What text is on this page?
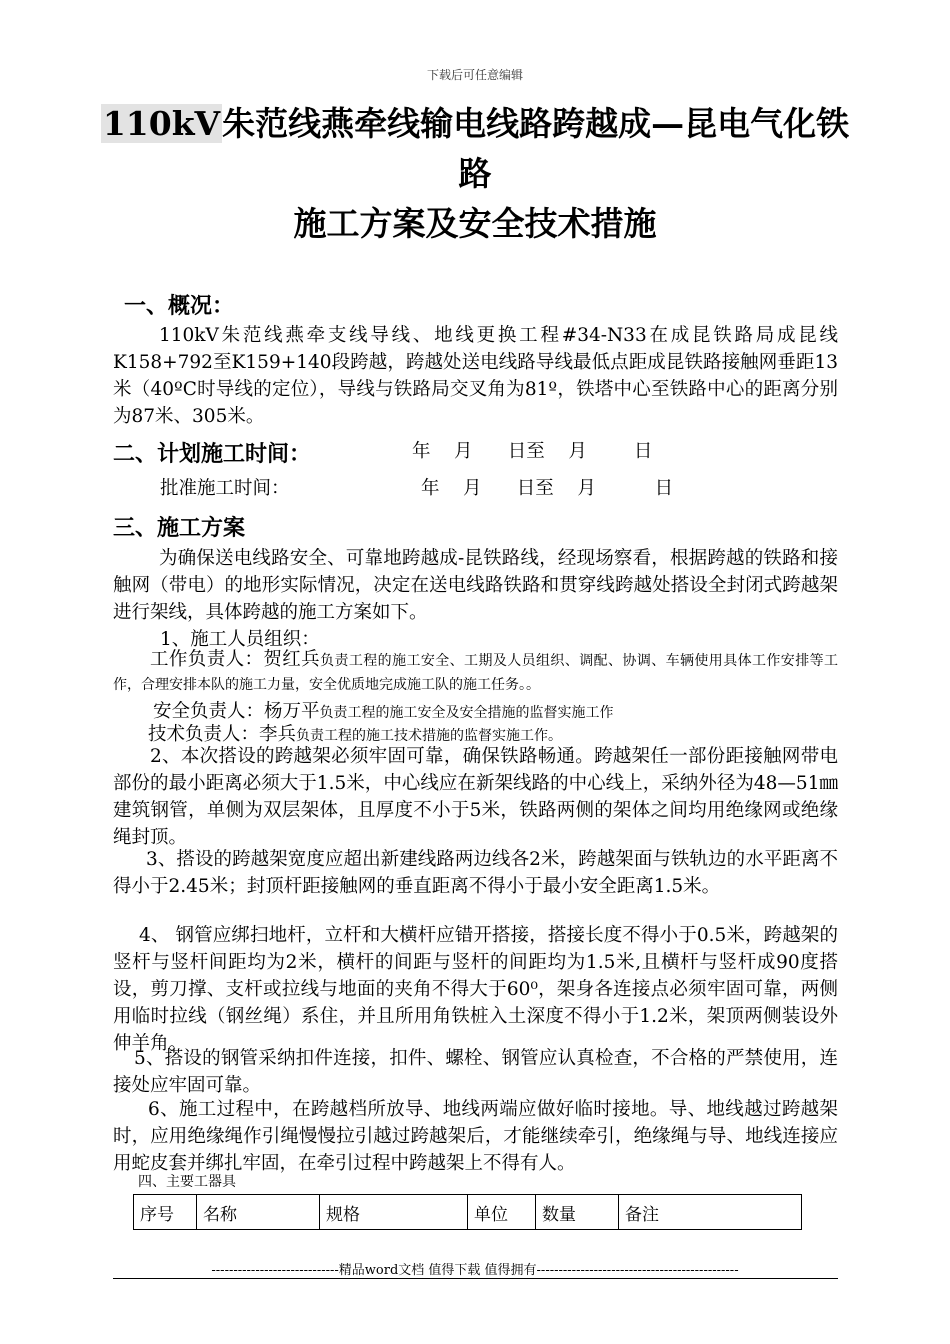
下载后可任意编辑
110kV朱范线燕牵线输电线路跨越成—昆电气化铁
路
施工方案及安全技术措施
一、概况：
110kV朱范线燕牵支线导线、地线更换工程#34-N33在成昆铁路局成昆线K158+792至K159+140段跨越，跨越处送电线路导线最低点距成昆铁路接触网垂距13米（40ºC时导线的定位），导线与铁路局交叉角为81º，铁塔中心至铁路中心的距离分别为87米、305米。
二、计划施工时间：	年    月      日至    月        日
批准施工时间：	年    月      日至    月          日
三、施工方案
为确保送电线路安全、可靠地跨越成-昆铁路线，经现场察看，根据跨越的铁路和接触网（带电）的地形实际情况，决定在送电线路铁路和贯穿线跨越处搭设全封闭式跨越架进行架线，具体跨越的施工方案如下。
1、施工人员组织：
工作负责人：贺红兵负责工程的施工安全、工期及人员组织、调配、协调、车辆使用具体工作安排等工作，合理安排本队的施工力量，安全优质地完成施工队的施工任务。。
安全负责人：杨万平负责工程的施工安全及安全措施的监督实施工作
技术负责人：李兵负责工程的施工技术措施的监督实施工作。
2、本次搭设的跨越架必须牢固可靠，确保铁路畅通。跨越架任一部份距接触网带电部份的最小距离必须大于1.5米，中心线应在新架线路的中心线上，采纳外径为48—51㎜建筑钢管，单侧为双层架体，且厚度不小于5米，铁路两侧的架体之间均用绝缘网或绝缘绳封顶。
3、搭设的跨越架宽度应超出新建线路两边线各2米，跨越架面与铁轨边的水平距离不得小于2.45米；封顶杆距接触网的垂直距离不得小于最小安全距离1.5米。
4、 钢管应绑扫地杆，立杆和大横杆应错开搭接，搭接长度不得小于0.5米，跨越架的竖杆与竖杆间距均为2米，横杆的间距与竖杆的间距均为1.5米,且横杆与竖杆成90度搭设，剪刀撑、支杆或拉线与地面的夹角不得大于60⁰，架身各连接点必须牢固可靠，两侧用临时拉线（钢丝绳）系住，并且所用角铁桩入土深度不得小于1.2米，架顶两侧装设外伸羊角。
5、搭设的钢管采纳扣件连接，扣件、螺栓、钢管应认真检查，不合格的严禁使用，连接处应牢固可靠。
6、施工过程中，在跨越档所放导、地线两端应做好临时接地。导、地线越过跨越架时，应用绝缘绳作引绳慢慢拉引越过跨越架后，才能继续牵引，绝缘绳与导、地线连接应用蛇皮套并绑扎牢固，在牵引过程中跨越架上不得有人。
四、主要工器具
序号	名称	规格	单位	数量	备注
-----------------------------精品word文档 值得下载 值得拥有----------------------------------------------
